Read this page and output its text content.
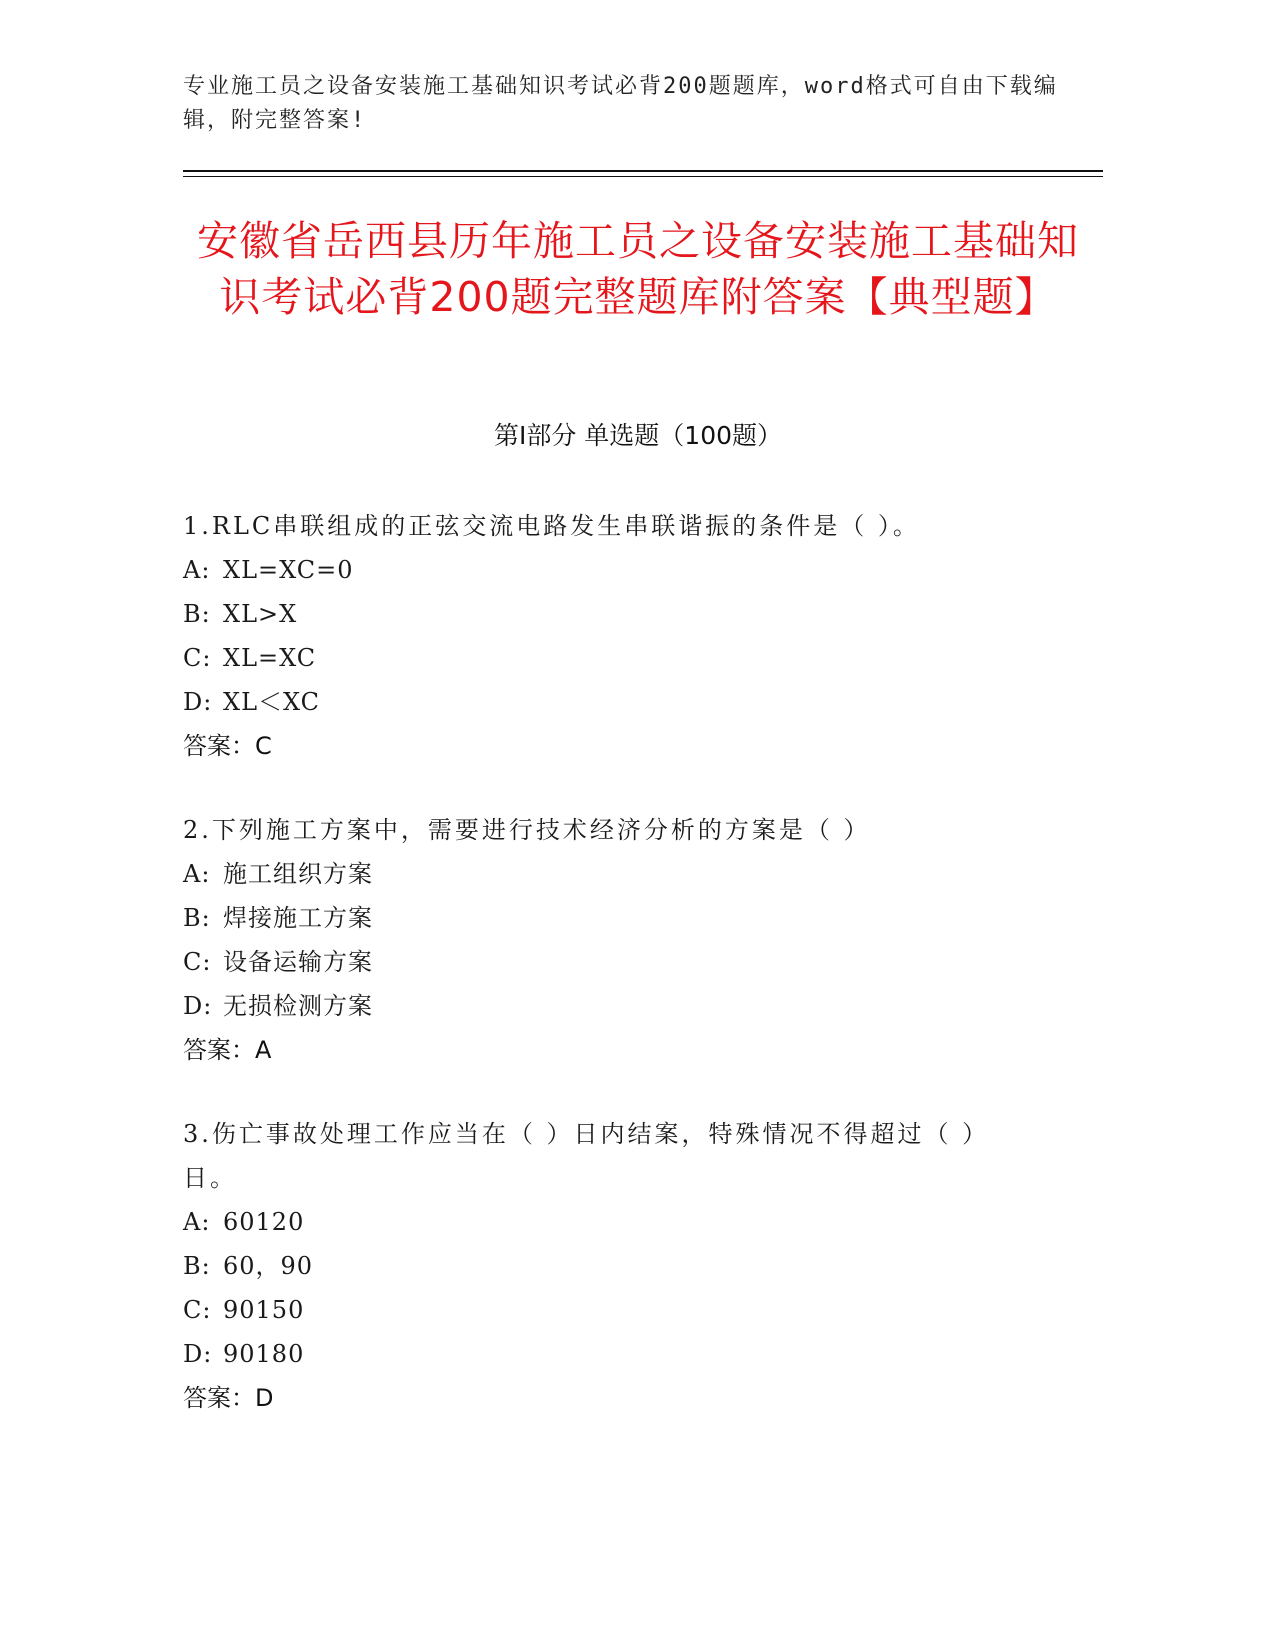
专业施工员之设备安装施工基础知识考试必背200题题库，word格式可自由下载编辑，附完整答案!
安徽省岳西县历年施工员之设备安装施工基础知识考试必背200题完整题库附答案【典型题】
第Ⅰ部分 单选题（100题）
1.RLC串联组成的正弦交流电路发生串联谐振的条件是（ ）。
A: XL=XC=0
B: XL>X
C: XL=XC
D: XL＜XC
答案：C
2.下列施工方案中，需要进行技术经济分析的方案是（ ）
A: 施工组织方案
B: 焊接施工方案
C: 设备运输方案
D: 无损检测方案
答案：A
3.伤亡事故处理工作应当在（ ）日内结案，特殊情况不得超过（ ）日。
A: 60120
B: 60，90
C: 90150
D: 90180
答案：D
